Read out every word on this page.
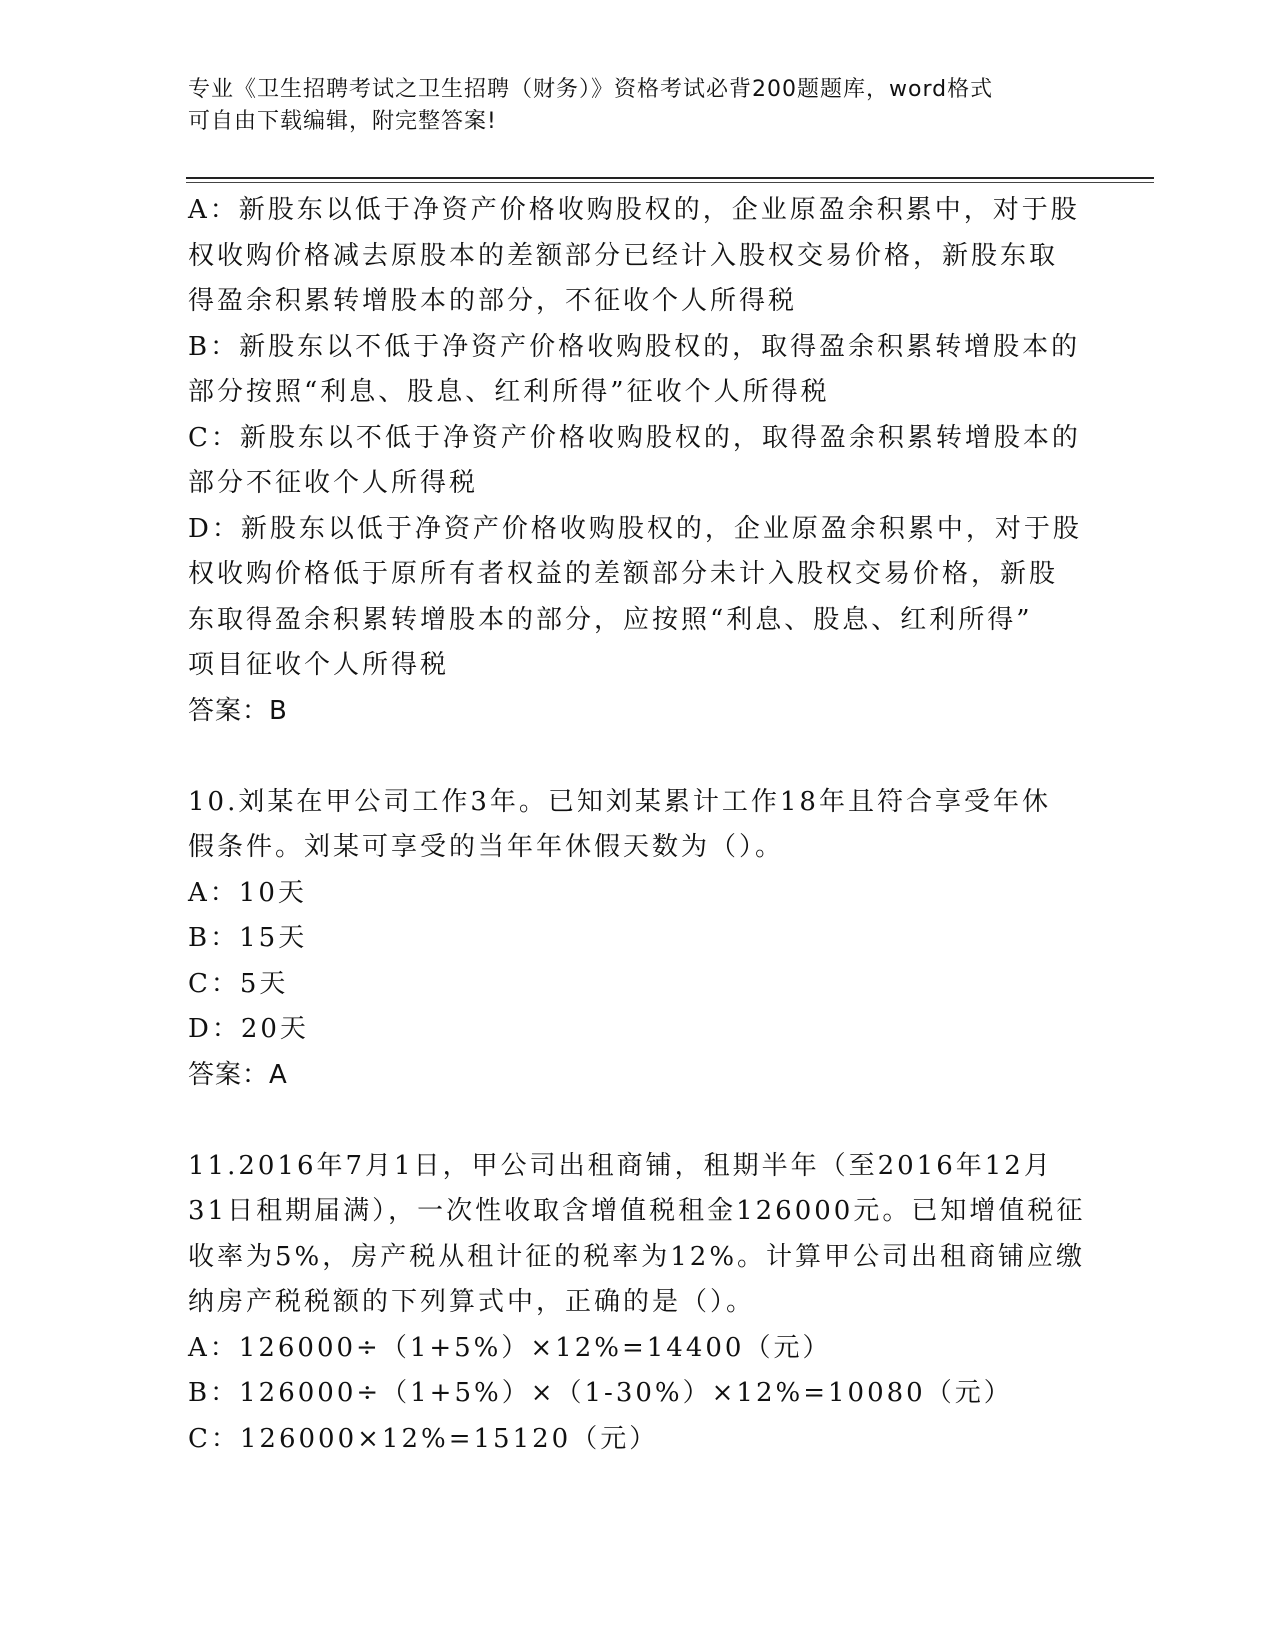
专业《卫生招聘考试之卫生招聘（财务）》资格考试必背200题题库，word格式
可自由下载编辑，附完整答案!
A：新股东以低于净资产价格收购股权的，企业原盈余积累中，对于股
权收购价格减去原股本的差额部分已经计入股权交易价格，新股东取
得盈余积累转增股本的部分，不征收个人所得税
B：新股东以不低于净资产价格收购股权的，取得盈余积累转增股本的
部分按照“利息、股息、红利所得”征收个人所得税
C：新股东以不低于净资产价格收购股权的，取得盈余积累转增股本的
部分不征收个人所得税
D：新股东以低于净资产价格收购股权的，企业原盈余积累中，对于股
权收购价格低于原所有者权益的差额部分未计入股权交易价格，新股
东取得盈余积累转增股本的部分，应按照“利息、股息、红利所得”
项目征收个人所得税
答案：B
10.刘某在甲公司工作3年。已知刘某累计工作18年且符合享受年休
假条件。刘某可享受的当年年休假天数为（）。
A：10天
B：15天
C：5天
D：20天
答案：A
11.2016年7月1日，甲公司出租商铺，租期半年（至2016年12月
31日租期届满），一次性收取含增值税租金126000元。已知增值税征
收率为5%，房产税从租计征的税率为12%。计算甲公司出租商铺应缴
纳房产税税额的下列算式中，正确的是（）。
A：126000÷（1+5%）×12%=14400（元）
B：126000÷（1+5%）×（1-30%）×12%=10080（元）
C：126000×12%=15120（元）
